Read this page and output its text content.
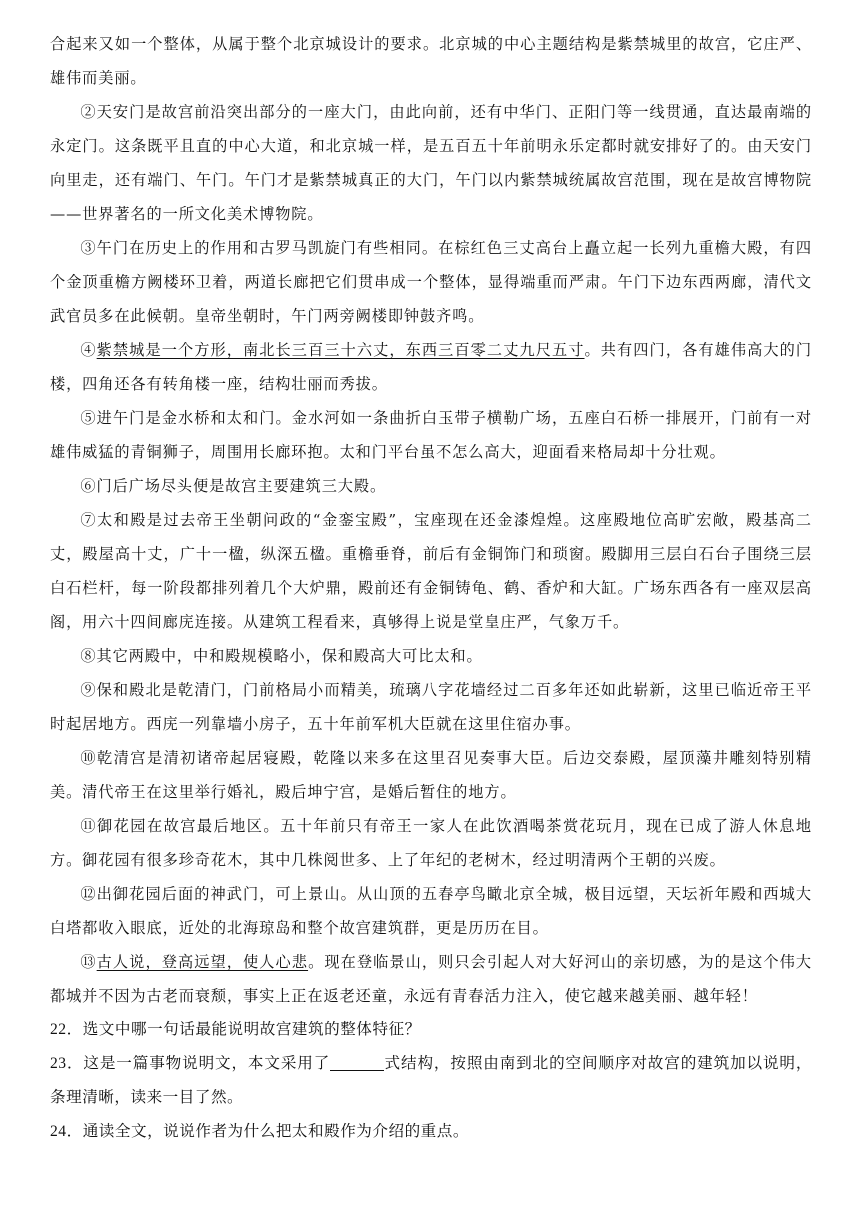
合起来又如一个整体，从属于整个北京城设计的要求。北京城的中心主题结构是紫禁城里的故宫，它庄严、雄伟而美丽。

②天安门是故宫前沿突出部分的一座大门，由此向前，还有中华门、正阳门等一线贯通，直达最南端的永定门。这条既平且直的中心大道，和北京城一样，是五百五十年前明永乐定都时就安排好了的。由天安门向里走，还有端门、午门。午门才是紫禁城真正的大门，午门以内紫禁城统属故宫范围，现在是故宫博物院——世界著名的一所文化美术博物院。

③午门在历史上的作用和古罗马凯旋门有些相同。在棕红色三丈高台上矗立起一长列九重檐大殿，有四个金顶重檐方阙楼环卫着，两道长廊把它们贯串成一个整体，显得端重而严肃。午门下边东西两廊，清代文武官员多在此候朝。皇帝坐朝时，午门两旁阙楼即钟鼓齐鸣。

④紫禁城是一个方形，南北长三百三十六丈，东西三百零二丈九尺五寸。共有四门，各有雄伟高大的门楼，四角还各有转角楼一座，结构壮丽而秀拔。

⑤进午门是金水桥和太和门。金水河如一条曲折白玉带子横勒广场，五座白石桥一排展开，门前有一对雄伟威猛的青铜狮子，周围用长廊环抱。太和门平台虽不怎么高大，迎面看来格局却十分壮观。

⑥门后广场尽头便是故宫主要建筑三大殿。

⑦太和殿是过去帝王坐朝问政的“金銮宝殿”，宝座现在还金漆煌煌。这座殿地位高旷宏敞，殿基高二丈，殿屋高十丈，广十一楹，纵深五楹。重檐垂脊，前后有金铜饰门和琐窗。殿脚用三层白石台子围绕三层白石栏杆，每一阶段都排列着几个大炉鼎，殿前还有金铜铸龟、鹤、香炉和大缸。广场东西各有一座双层高阁，用六十四间廊庑连接。从建筑工程看来，真够得上说是堂皇庄严，气象万千。

⑧其它两殿中，中和殿规模略小，保和殿高大可比太和。

⑨保和殿北是乾清门，门前格局小而精美，琉璃八字花墙经过二百多年还如此崭新，这里已临近帝王平时起居地方。西庑一列靠墙小房子，五十年前军机大臣就在这里住宿办事。

⑩乾清宫是清初诸帝起居寝殿，乾隆以来多在这里召见奏事大臣。后边交泰殿，屋顶藻井雕刻特别精美。清代帝王在这里举行婚礼，殿后坤宁宫，是婚后暂住的地方。

⑪御花园在故宫最后地区。五十年前只有帝王一家人在此饮酒喝茶赏花玩月，现在已成了游人休息地方。御花园有很多珍奇花木，其中几株阅世多、上了年纪的老树木，经过明清两个王朝的兴废。

⑫出御花园后面的神武门，可上景山。从山顶的五春亭鸟瞰北京全城，极目远望，天坛祈年殿和西城大白塔都收入眼底，近处的北海琼岛和整个故宫建筑群，更是历历在目。

⑬古人说，登高远望，使人心悲。现在登临景山，则只会引起人对大好河山的亲切感，为的是这个伟大都城并不因为古老而衰颓，事实上正在返老还童，永远有青春活力注入，使它越来越美丽、越年轻！

22．选文中哪一句话最能说明故宫建筑的整体特征？

23．这是一篇事物说明文，本文采用了	式结构，按照由南到北的空间顺序对故宫的建筑加以说明，条理清晰，读来一目了然。

24．通读全文，说说作者为什么把太和殿作为介绍的重点。
